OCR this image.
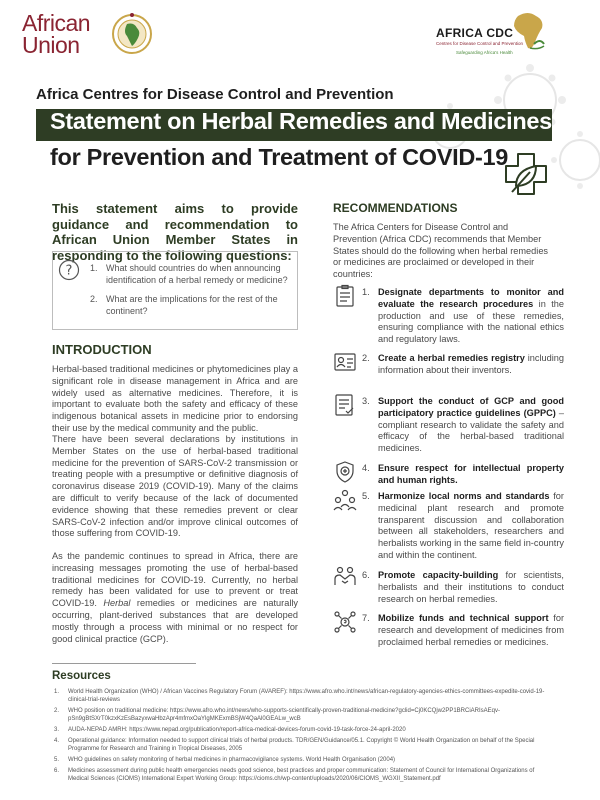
African
Union	AFRICA CDC
Centres for Disease Control and Prevention
Safeguarding Africa's Health
Africa Centres for Disease Control and Prevention
Statement on Herbal Remedies and Medicines
for Prevention and Treatment of COVID-19
This statement aims to provide guidance and recommendation to African Union Member States in responding to the following questions:
? 1. What should countries do when announcing identification of a herbal remedy or medicine?
2. What are the implications for the rest of the continent?
INTRODUCTION
Herbal-based traditional medicines or phytomedicines play a significant role in disease management in Africa and are widely used as alternative medicines. Therefore, it is important to evaluate both the safety and efficacy of these indigenous botanical assets in medicine prior to endorsing their use by the medical community and the public.
There have been several declarations by institutions in Member States on the use of herbal-based traditional medicine for the prevention of SARS-CoV-2 transmission or treating people with a presumptive or definitive diagnosis of coronavirus disease 2019 (COVID-19). Many of the claims are difficult to verify because of the lack of documented evidence showing that these remedies prevent or clear SARS-CoV-2 infection and/or improve clinical outcomes of those suffering from COVID-19.
As the pandemic continues to spread in Africa, there are increasing messages promoting the use of herbal-based traditional medicines for COVID-19. Currently, no herbal remedy has been validated for use to prevent or treat COVID-19. Herbal remedies or medicines are naturally occurring, plant-derived substances that are developed mostly through a process with minimal or no respect for good clinical practice (GCP).
RECOMMENDATIONS
The Africa Centers for Disease Control and Prevention (Africa CDC) recommends that Member States should do the following when herbal remedies or medicines are proclaimed or developed in their countries:
1. Designate departments to monitor and evaluate the research procedures in the production and use of these remedies, ensuring compliance with the national ethics and regulatory laws.
2. Create a herbal remedies registry including information about their inventors.
3. Support the conduct of GCP and good participatory practice guidelines (GPPC) – compliant research to validate the safety and efficacy of the herbal-based traditional medicines.
4. Ensure respect for intellectual property and human rights.
5. Harmonize local norms and standards for medicinal plant research and promote transparent discussion and collaboration between all stakeholders, researchers and herbalists working in the same field in-country and within the continent.
6. Promote capacity-building for scientists, herbalists and their institutions to conduct research on herbal remedies.
7. Mobilize funds and technical support for research and development of medicines from proclaimed herbal remedies or medicines.
Resources
1. World Health Organization (WHO) / African Vaccines Regulatory Forum (AVAREF): https://www.afro.who.int/news/african-regulatory-agencies-ethics-committees-expedite-covid-19-clinical-trial-reviews
2. WHO position on traditional medicine: https://www.afro.who.int/news/who-supports-scientifically-proven-traditional-medicine?gclid=Cj0KCQjw2PP1BRCiARIsAEqv-pSn9gBtSXrT0kzxKzEsBazyxwaHbzApr4mfmxOaYlgMKExmBSjW4QaAl0GEALw_wcB
3. AUDA-NEPAD AMRH: https://www.nepad.org/publication/report-africa-medical-devices-forum-covid-19-task-force-24-april-2020
4. Operational guidance: Information needed to support clinical trials of herbal products. TDR/GEN/Guidance/05.1. Copyright © World Health Organization on behalf of the Special Programme for Research and Training in Tropical Diseases, 2005
5. WHO guidelines on safety monitoring of herbal medicines in pharmacovigilance systems. World Health Organisation (2004)
6. Medicines assessment during public health emergencies needs good science, best practices and proper communication: Statement of Council for International Organizations of Medical Sciences (CIOMS) International Expert Working Group: https://cioms.ch/wp-content/uploads/2020/06/CIOMS_WGXII_Statement.pdf
